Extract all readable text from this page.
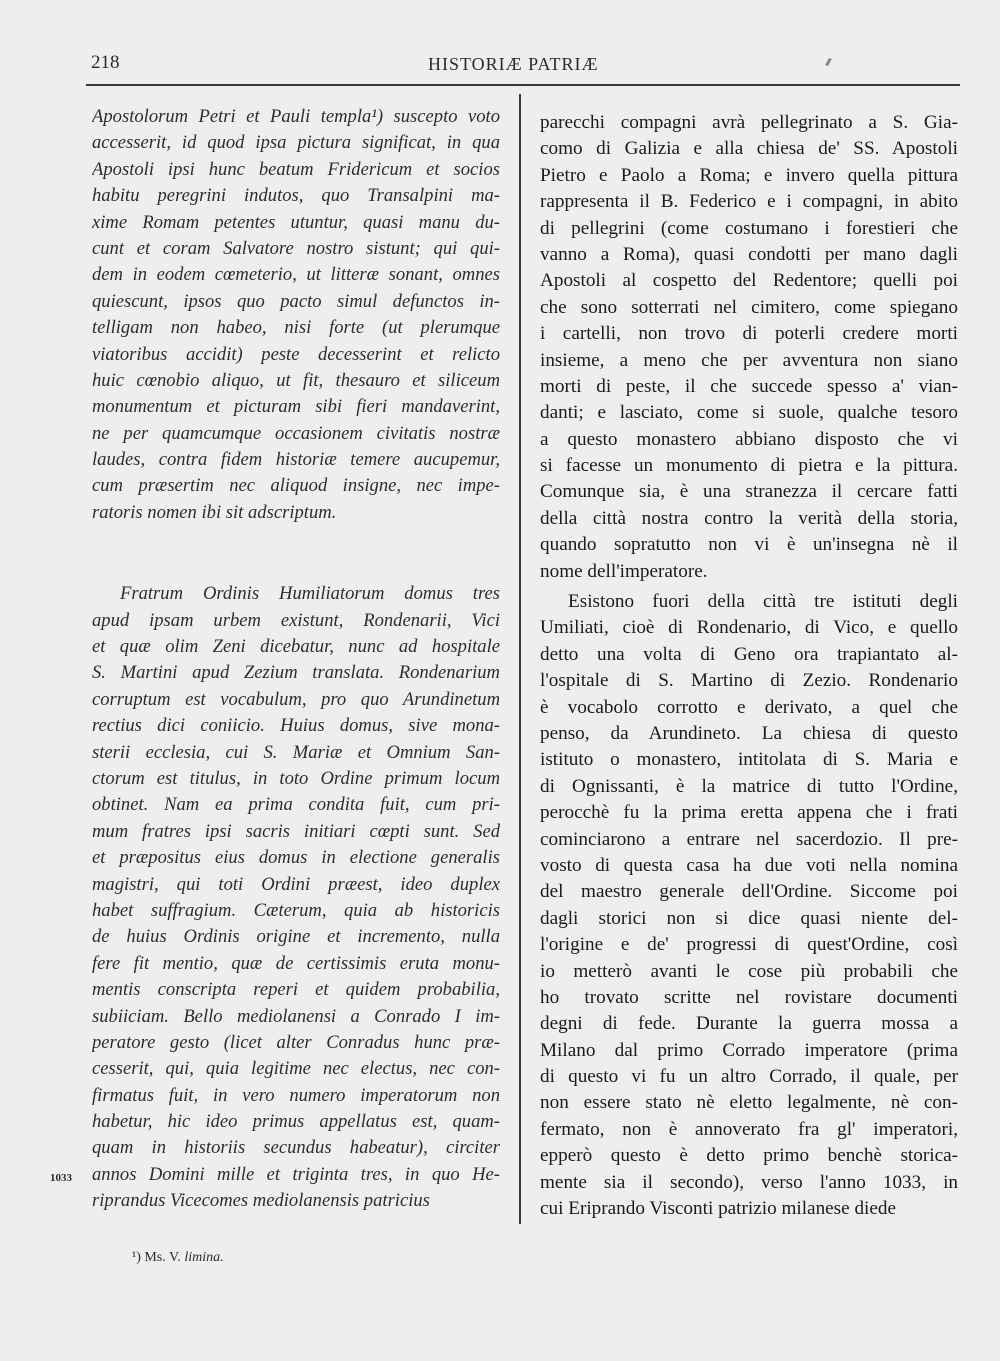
218	HISTORIÆ PATRIÆ
Apostolorum Petri et Pauli templa¹) suscepto voto
accesserit, id quod ipsa pictura significat, in qua
Apostoli ipsi hunc beatum Fridericum et socios
habitu peregrini indutos, quo Transalpini ma-
xime Romam petentes utuntur, quasi manu du-
cunt et coram Salvatore nostro sistunt; qui qui-
dem in eodem cœmeterio, ut litteræ sonant, omnes
quiescunt, ipsos quo pacto simul defunctos in-
telligam non habeo, nisi forte (ut plerumque
viatoribus accidit) peste decesserint et relicto
huic cœnobio aliquo, ut fit, thesauro et siliceum
monumentum et picturam sibi fieri mandaverint,
ne per quamcumque occasionem civitatis nostræ
laudes, contra fidem historiæ temere aucupemur,
cum præsertim nec aliquod insigne, nec impe-
ratoris nomen ibi sit adscriptum.
Fratrum Ordinis Humiliatorum domus tres
apud ipsam urbem existunt, Rondenarii, Vici
et quæ olim Zeni dicebatur, nunc ad hospitale
S. Martini apud Zezium translata. Rondenarium
corruptum est vocabulum, pro quo Arundinetum
rectius dici coniicio. Huius domus, sive mona-
sterii ecclesia, cui S. Mariæ et Omnium San-
ctorum est titulus, in toto Ordine primum locum
obtinet. Nam ea prima condita fuit, cum pri-
mum fratres ipsi sacris initiari cœpti sunt. Sed
et præpositus eius domus in electione generalis
magistri, qui toti Ordini præest, ideo duplex
habet suffragium. Cæterum, quia ab historicis
de huius Ordinis origine et incremento, nulla
fere fit mentio, quæ de certissimis eruta monu-
mentis conscripta reperi et quidem probabilia,
subiiciam. Bello mediolanensi a Conrado I im-
peratore gesto (licet alter Conradus hunc præ-
cesserit, qui, quia legitime nec electus, nec con-
firmatus fuit, in vero numero imperatorum non
habetur, hic ideo primus appellatus est, quam-
quam in historiis secundus habeatur), circiter
annos Domini mille et triginta tres, in quo He-
riprandus Vicecomes mediolanensis patricius
parecchi compagni avrà pellegrinato a S. Gia-
como di Galizia e alla chiesa de' SS. Apostoli
Pietro e Paolo a Roma; e invero quella pittura
rappresenta il B. Federico e i compagni, in abito
di pellegrini (come costumano i forestieri che
vanno a Roma), quasi condotti per mano dagli
Apostoli al cospetto del Redentore; quelli poi
che sono sotterrati nel cimitero, come spiegano
i cartelli, non trovo di poterli credere morti
insieme, a meno che per avventura non siano
morti di peste, il che succede spesso a' vian-
danti; e lasciato, come si suole, qualche tesoro
a questo monastero abbiano disposto che vi
si facesse un monumento di pietra e la pittura.
Comunque sia, è una stranezza il cercare fatti
della città nostra contro la verità della storia,
quando sopratutto non vi è un'insegna nè il
nome dell'imperatore.
Esistono fuori della città tre istituti degli
Umiliati, cioè di Rondenario, di Vico, e quello
detto una volta di Geno ora trapiantato al-
l'ospitale di S. Martino di Zezio. Rondenario
è vocabolo corrotto e derivato, a quel che
penso, da Arundineto. La chiesa di questo
istituto o monastero, intitolata di S. Maria e
di Ognissanti, è la matrice di tutto l'Ordine,
perocchè fu la prima eretta appena che i frati
cominciarono a entrare nel sacerdozio. Il pre-
vosto di questa casa ha due voti nella nomina
del maestro generale dell'Ordine. Siccome poi
dagli storici non si dice quasi niente del-
l'origine e de' progressi di quest'Ordine, così
io metterò avanti le cose più probabili che
ho trovato scritte nel rovistare documenti
degni di fede. Durante la guerra mossa a
Milano dal primo Corrado imperatore (prima
di questo vi fu un altro Corrado, il quale, per
non essere stato nè eletto legalmente, nè con-
fermato, non è annoverato fra gl' imperatori,
epperò questo è detto primo benchè storica-
mente sia il secondo), verso l'anno 1033, in
cui Eriprando Visconti patrizio milanese diede
1033
¹) Ms. V. limina.
